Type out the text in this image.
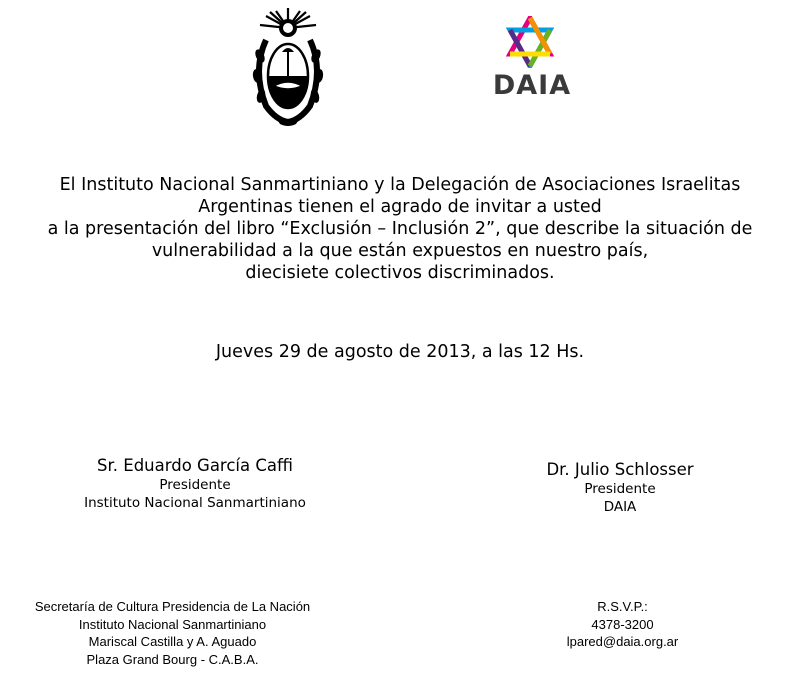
DAIA
El Instituto Nacional Sanmartiniano y la Delegación de Asociaciones Israelitas
Argentinas tienen el agrado de invitar a usted
a la presentación del libro “Exclusión – Inclusión 2”, que describe la situación de
vulnerabilidad a la que están expuestos en nuestro país,
diecisiete colectivos discriminados.
Jueves 29 de agosto de 2013, a las 12 Hs.
Sr. Eduardo García Caffi
Presidente
Instituto Nacional Sanmartiniano
Dr. Julio Schlosser
Presidente
DAIA
Secretaría de Cultura Presidencia de La Nación
Instituto Nacional Sanmartiniano
Mariscal Castilla y A. Aguado
Plaza Grand Bourg - C.A.B.A.
R.S.V.P.:
4378-3200
lpared@daia.org.ar
